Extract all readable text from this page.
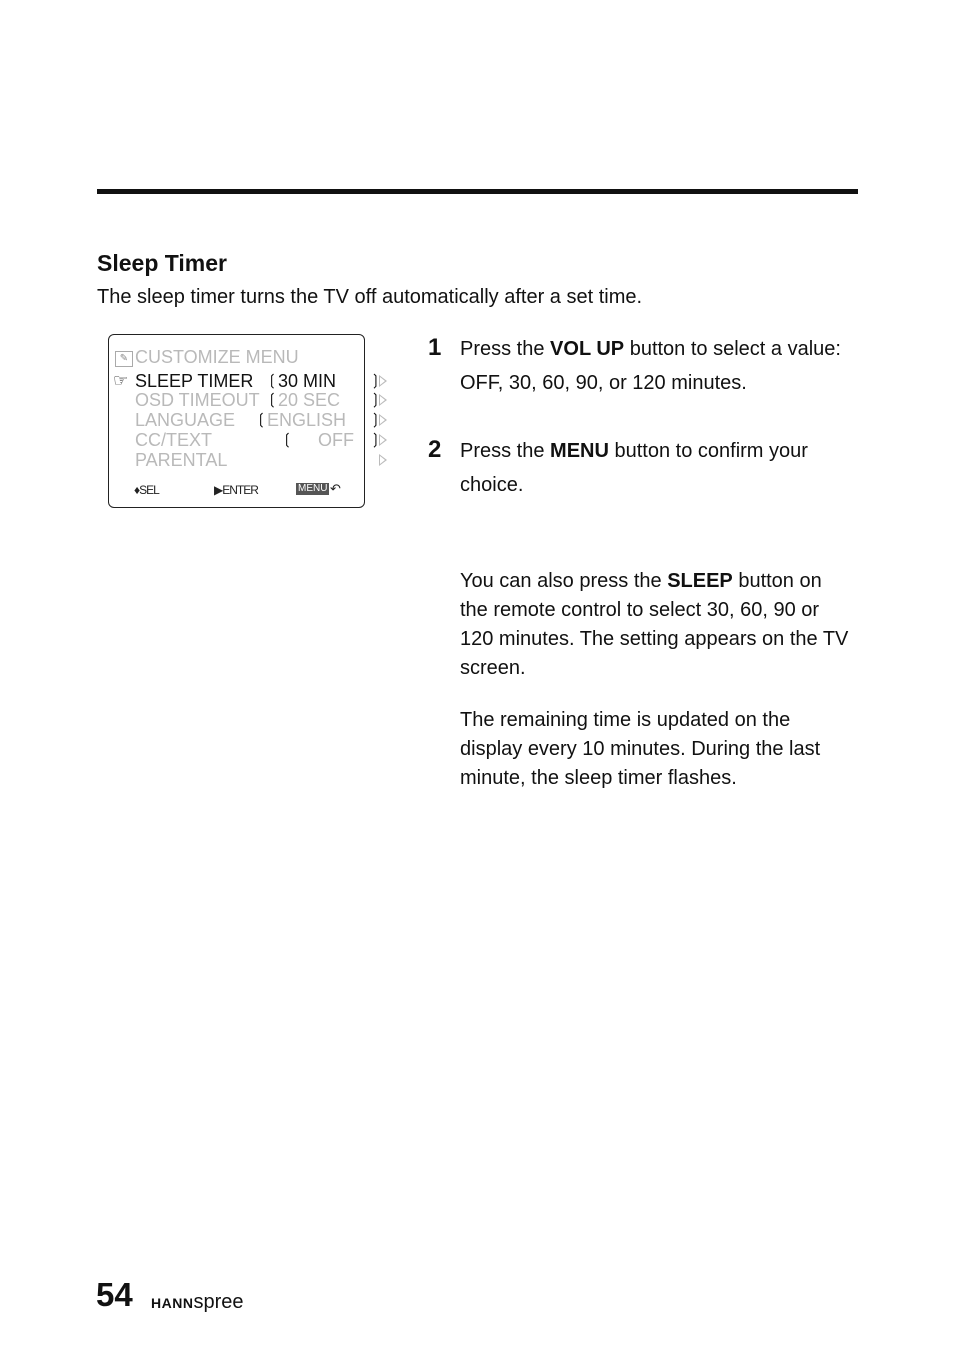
Sleep Timer

The sleep timer turns the TV off automatically after a set time.

✎ CUSTOMIZE MENU
☞ SLEEP TIMER ❲ 30 MIN ❳
OSD TIMEOUT ❲ 20 SEC ❳
LANGUAGE ❲ ENGLISH ❳
CC/TEXT	❲ OFF ❳
PARENTAL
♦SEL	▶ENTER	MENU ↶
1 Press the VOL UP button to select a value: OFF, 30, 60, 90, or 120 minutes.
2 Press the MENU button to confirm your choice.

You can also press the SLEEP button on the remote control to select 30, 60, 90 or 120 minutes. The setting appears on the TV screen.

The remaining time is updated on the display every 10 minutes. During the last minute, the sleep timer flashes.

54 HANNspree
